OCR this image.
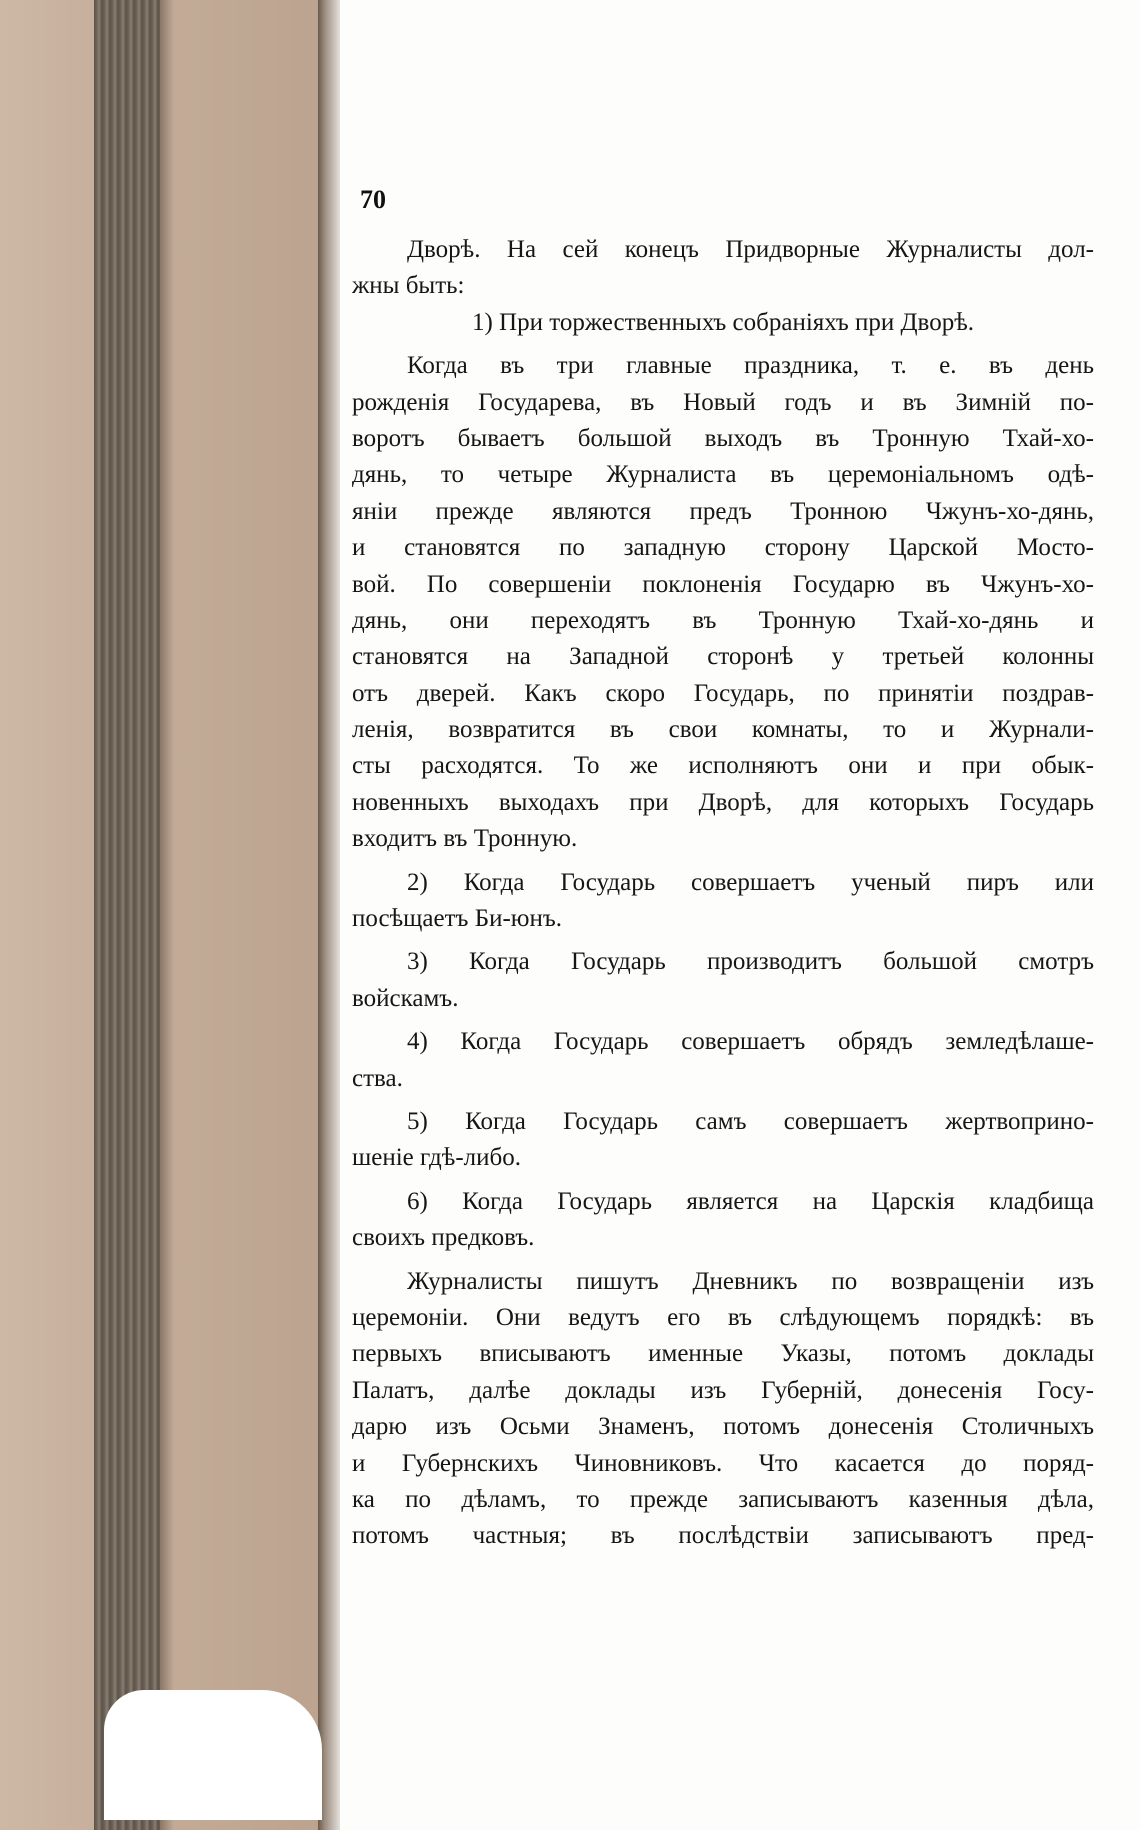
70
Дворѣ. На сей конецъ Придворные Журналисты дол-
жны быть:
1) При торжественныхъ собраніяхъ при Дворѣ.
Когда въ три главные праздника, т. е. въ день
рожденія Государева, въ Новый годъ и въ Зимній по-
воротъ бываетъ большой выходъ въ Тронную Тхай-хо-
дянь, то четыре Журналиста въ церемоніальномъ одѣ-
яніи прежде являются предъ Тронною Чжунъ-хо-дянь,
и становятся по западную сторону Царской Мосто-
вой. По совершеніи поклоненія Государю въ Чжунъ-хо-
дянь, они переходятъ въ Тронную Тхай-хо-дянь и
становятся на Западной сторонѣ у третьей колонны
отъ дверей. Какъ скоро Государь, по принятіи поздрав-
ленія, возвратится въ свои комнаты, то и Журнали-
сты расходятся. То же исполняютъ они и при обык-
новенныхъ выходахъ при Дворѣ, для которыхъ Государь
входитъ въ Тронную.
2) Когда Государь совершаетъ ученый пиръ или
посѣщаетъ Би-юнъ.
3) Когда Государь производитъ большой смотръ
войскамъ.
4) Когда Государь совершаетъ обрядъ земледѣлаше-
ства.
5) Когда Государь самъ совершаетъ жертвоприно-
шеніе гдѣ-либо.
6) Когда Государь является на Царскія кладбища
своихъ предковъ.
Журналисты пишутъ Дневникъ по возвращеніи изъ
церемоніи. Они ведутъ его въ слѣдующемъ порядкѣ: въ
первыхъ вписываютъ именные Указы, потомъ доклады
Палатъ, далѣе доклады изъ Губерній, донесенія Госу-
дарю изъ Осьми Знаменъ, потомъ донесенія Столичныхъ
и Губернскихъ Чиновниковъ. Что касается до поряд-
ка по дѣламъ, то прежде записываютъ казенныя дѣла,
потомъ частныя; въ послѣдствіи записываютъ пред-
